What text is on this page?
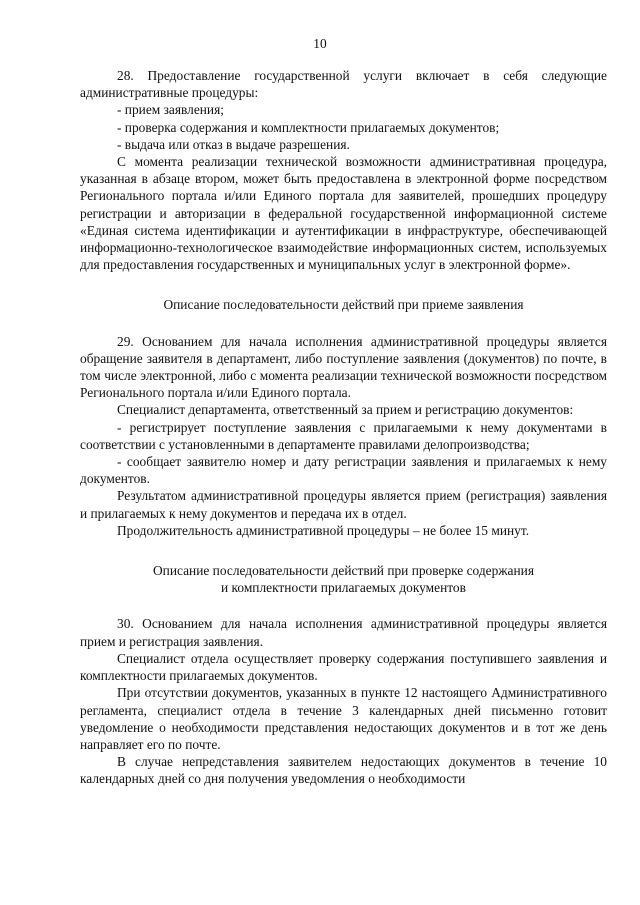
10

28. Предоставление государственной услуги включает в себя следующие административные процедуры:

- прием заявления;

- проверка содержания и комплектности прилагаемых документов;

- выдача или отказ в выдаче разрешения.

С момента реализации технической возможности административная процедура, указанная в абзаце втором, может быть предоставлена в электронной форме посредством Регионального портала и/или Единого портала для заявителей, прошедших процедуру регистрации и авторизации в федеральной государственной информационной системе «Единая система идентификации и аутентификации в инфраструктуре, обеспечивающей информационно-технологическое взаимодействие информационных систем, используемых для предоставления государственных и муниципальных услуг в электронной форме».

Описание последовательности действий при приеме заявления

29. Основанием для начала исполнения административной процедуры является обращение заявителя в департамент, либо поступление заявления (документов) по почте, в том числе электронной, либо с момента реализации технической возможности посредством Регионального портала и/или Единого портала.

Специалист департамента, ответственный за прием и регистрацию документов:

- регистрирует поступление заявления с прилагаемыми к нему документами в соответствии с установленными в департаменте правилами делопроизводства;

- сообщает заявителю номер и дату регистрации заявления и прилагаемых к нему документов.

Результатом административной процедуры является прием (регистрация) заявления и прилагаемых к нему документов и передача их в отдел.

Продолжительность административной процедуры – не более 15 минут.

Описание последовательности действий при проверке содержания

и комплектности прилагаемых документов

30. Основанием для начала исполнения административной процедуры является прием и регистрация заявления.

Специалист отдела осуществляет проверку содержания поступившего заявления и комплектности прилагаемых документов.

При отсутствии документов, указанных в пункте 12 настоящего Административного регламента, специалист отдела в течение 3 календарных дней письменно готовит уведомление о необходимости представления недостающих документов и в тот же день направляет его по почте.

В случае непредставления заявителем недостающих документов в течение 10 календарных дней со дня получения уведомления о необходимости
